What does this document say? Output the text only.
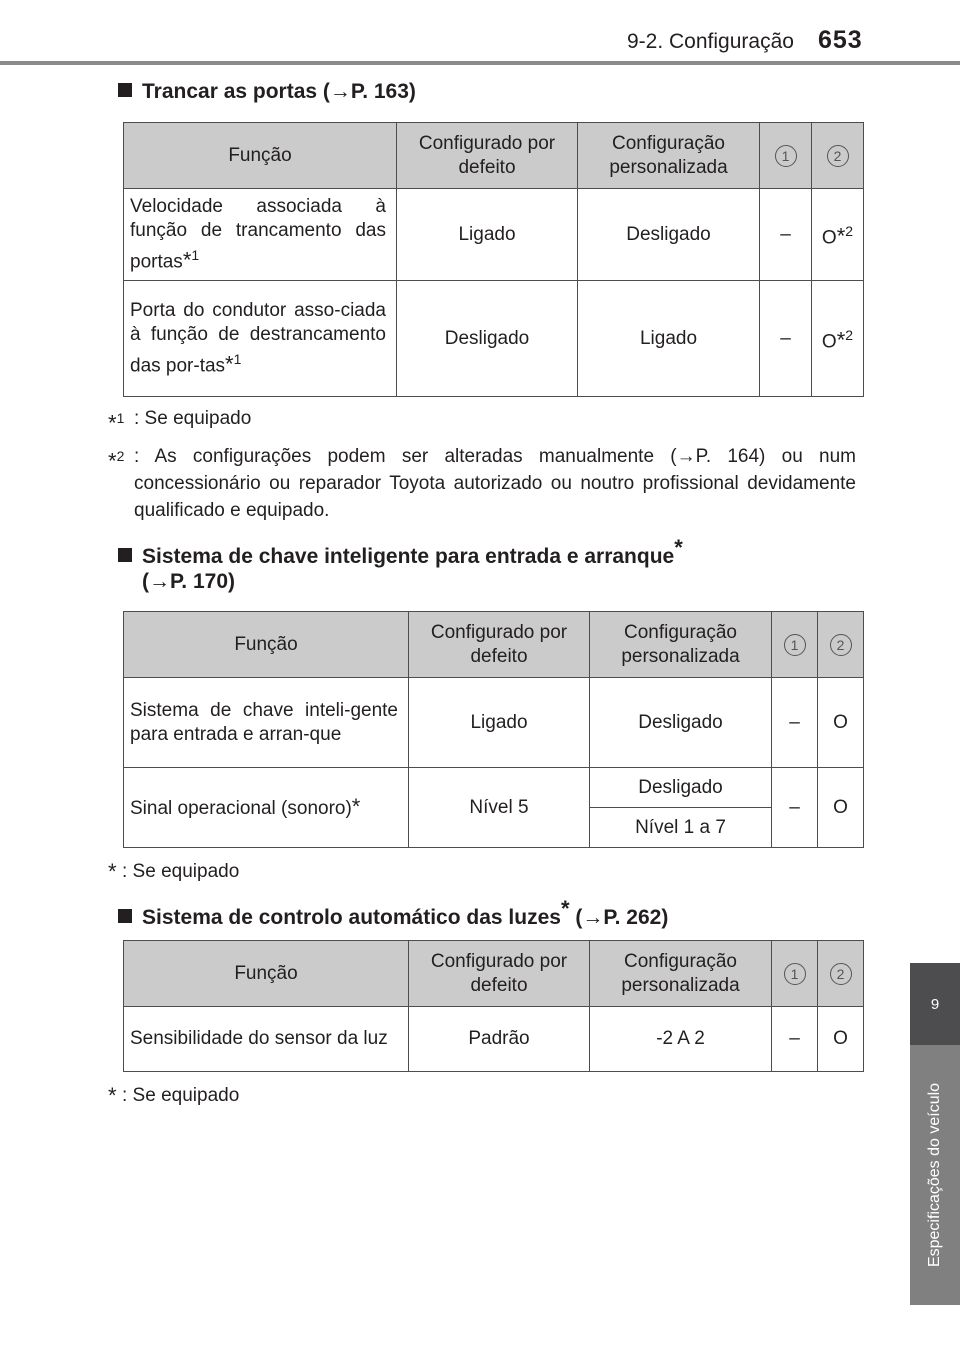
9-2. Configuração 653
9
Especificações do veículo
Trancar as portas (→P. 163)
Função	Configurado por defeito	Configuração personalizada	1	2
Velocidade associada à função de trancamento das portas*$^1$	Ligado	Desligado	–	O*$^2$
Porta do condutor asso-ciada à função de destrancamento das por-tas*$^1$	Desligado	Ligado	–	O*$^2$
*$^1$ : Se equipado
*$^2$ : As configurações podem ser alteradas manualmente (→P. 164) ou num concessionário ou reparador Toyota autorizado ou noutro profissional devidamente qualificado e equipado.
Sistema de chave inteligente para entrada e arranque*
(→P. 170)
Função	Configurado por defeito	Configuração personalizada	1	2
Sistema de chave inteli-gente para entrada e arran-que	Ligado	Desligado	–	O
Sinal operacional (sonoro)*	Nível 5	Desligado	–	O
		Nível 1 a 7		
* : Se equipado
Sistema de controlo automático das luzes* (→P. 262)
Função	Configurado por defeito	Configuração personalizada	1	2
Sensibilidade do sensor da luz	Padrão	-2 A 2	–	O
* : Se equipado
